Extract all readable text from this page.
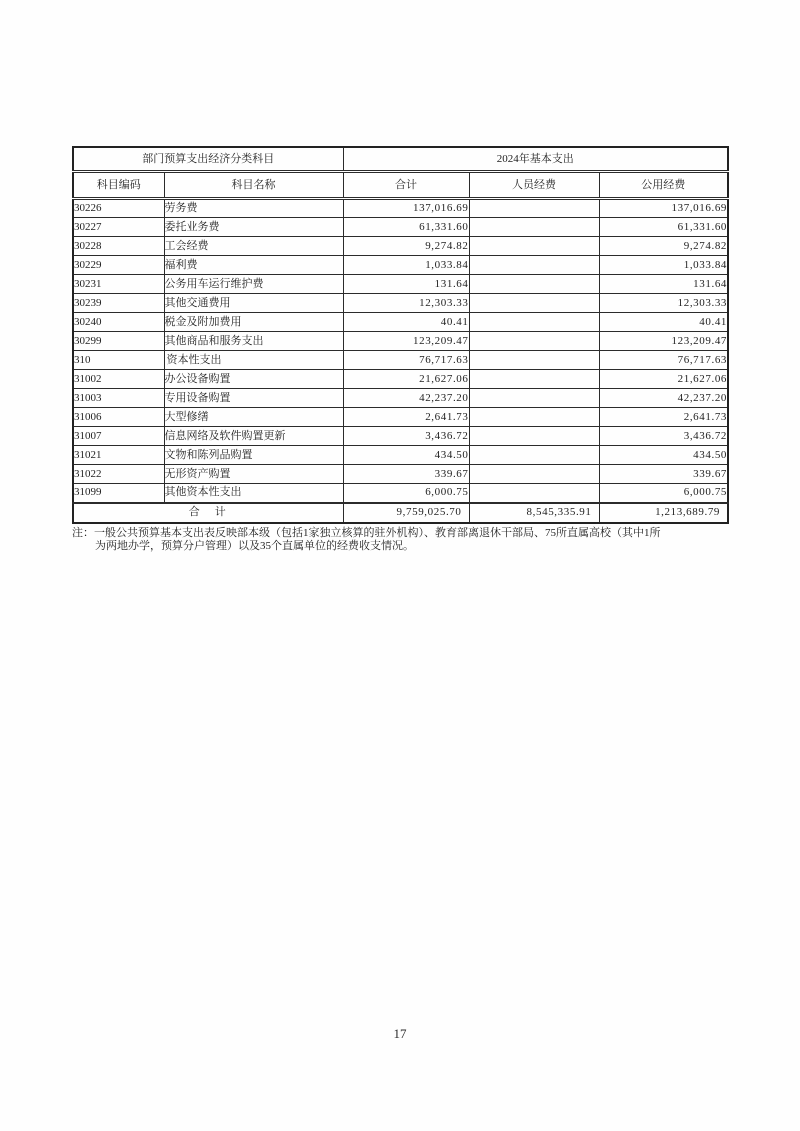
部门预算支出经济分类科目		2024年基本支出		
科目编码	科目名称	合计	人员经费	公用经费
30226	劳务费	137,016.69		137,016.69
30227	委托业务费	61,331.60		61,331.60
30228	工会经费	9,274.82		9,274.82
30229	福利费	1,033.84		1,033.84
30231	公务用车运行维护费	131.64		131.64
30239	其他交通费用	12,303.33		12,303.33
30240	税金及附加费用	40.41		40.41
30299	其他商品和服务支出	123,209.47		123,209.47
310	资本性支出	76,717.63		76,717.63
31002	办公设备购置	21,627.06		21,627.06
31003	专用设备购置	42,237.20		42,237.20
31006	大型修缮	2,641.73		2,641.73
31007	信息网络及软件购置更新	3,436.72		3,436.72
31021	文物和陈列品购置	434.50		434.50
31022	无形资产购置	339.67		339.67
31099	其他资本性支出	6,000.75		6,000.75
合　计		9,759,025.70	8,545,335.91	1,213,689.79
注：一般公共预算基本支出表反映部本级（包括1家独立核算的驻外机构）、教育部离退休干部局、75所直属高校（其中1所
为两地办学，预算分户管理）以及35个直属单位的经费收支情况。
17
